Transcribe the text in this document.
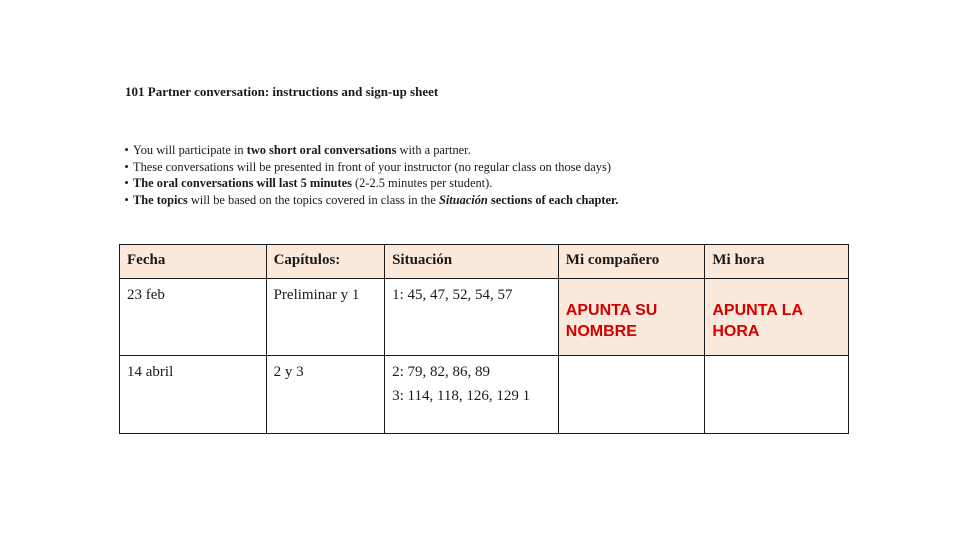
101 Partner conversation: instructions and sign-up sheet
• You will participate in two short oral conversations with a partner.
• These conversations will be presented in front of your instructor (no regular class on those days)
• The oral conversations will last 5 minutes (2-2.5 minutes per student).
• The topics will be based on the topics covered in class in the Situación sections of each chapter.
Fecha	Capítulos:	Situación	Mi compañero	Mi hora
23 feb	Preliminar y 1	1: 45, 47, 52, 54, 57	APUNTA SU NOMBRE	APUNTA LA HORA

14 abril	2 y 3	2: 79, 82, 86, 89
3: 114, 118, 126, 129 1		
